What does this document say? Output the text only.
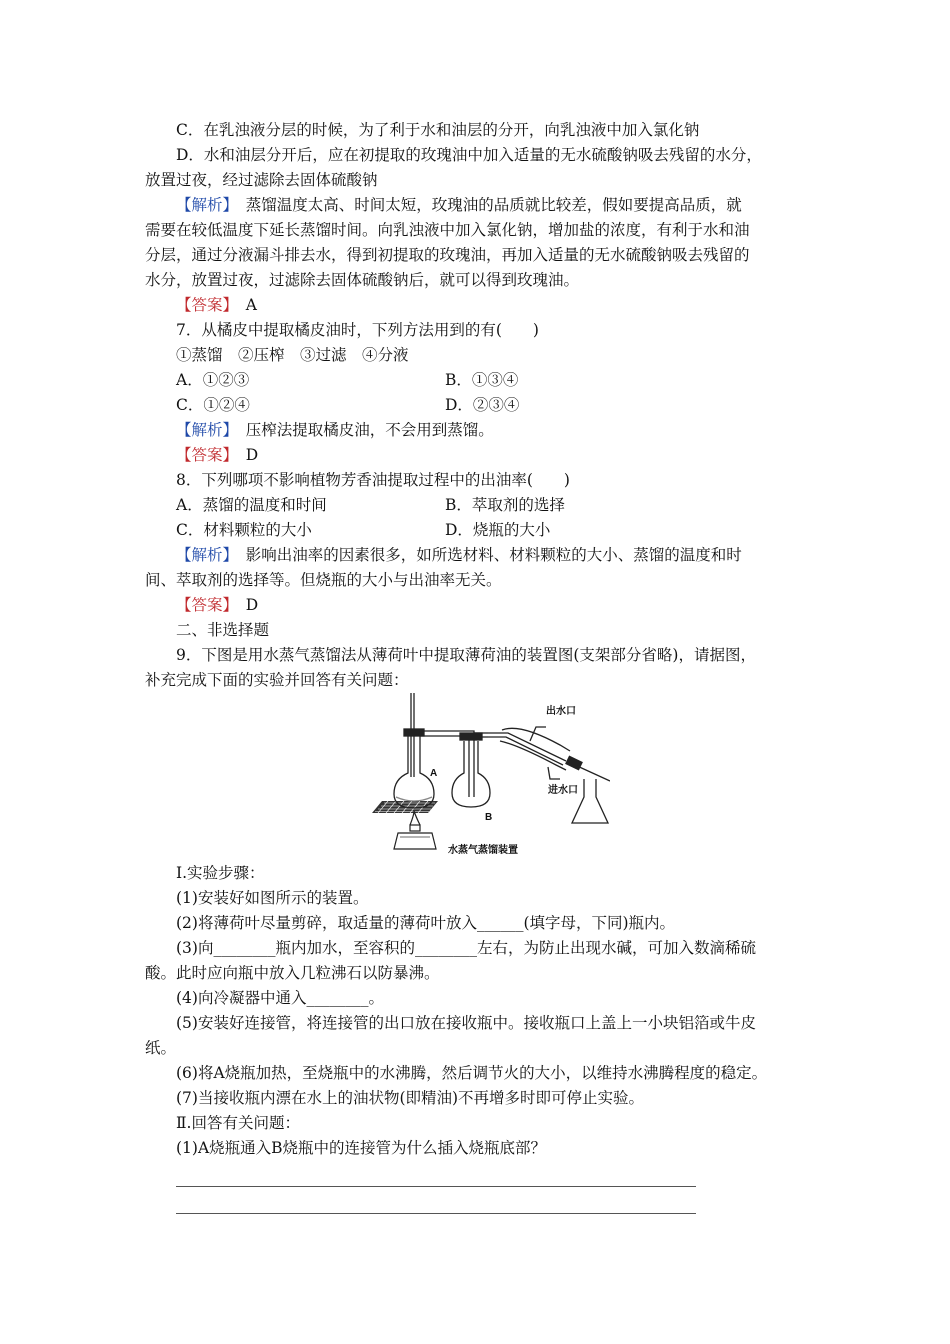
C．在乳浊液分层的时候，为了利于水和油层的分开，向乳浊液中加入氯化钠
D．水和油层分开后，应在初提取的玫瑰油中加入适量的无水硫酸钠吸去残留的水分，
放置过夜，经过滤除去固体硫酸钠
【解析】　蒸馏温度太高、时间太短，玫瑰油的品质就比较差，假如要提高品质，就
需要在较低温度下延长蒸馏时间。向乳浊液中加入氯化钠，增加盐的浓度，有利于水和油
分层，通过分液漏斗排去水，得到初提取的玫瑰油，再加入适量的无水硫酸钠吸去残留的
水分，放置过夜，过滤除去固体硫酸钠后，就可以得到玫瑰油。
【答案】　A
7．从橘皮中提取橘皮油时，下列方法用到的有(　　)
①蒸馏　②压榨　③过滤　④分液
A．①②③	B．①③④
C．①②④	D．②③④
【解析】　压榨法提取橘皮油，不会用到蒸馏。
【答案】　D
8．下列哪项不影响植物芳香油提取过程中的出油率(　　)
A．蒸馏的温度和时间	B．萃取剂的选择
C．材料颗粒的大小	D．烧瓶的大小
【解析】　影响出油率的因素很多，如所选材料、材料颗粒的大小、蒸馏的温度和时
间、萃取剂的选择等。但烧瓶的大小与出油率无关。
【答案】　D
二、非选择题
9．下图是用水蒸气蒸馏法从薄荷叶中提取薄荷油的装置图(支架部分省略)，请据图，
补充完成下面的实验并回答有关问题：
A
B
出水口
进水口
水蒸气蒸馏装置
Ⅰ.实验步骤：
(1)安装好如图所示的装置。
(2)将薄荷叶尽量剪碎，取适量的薄荷叶放入______(填字母，下同)瓶内。
(3)向________瓶内加水，至容积的________左右，为防止出现水碱，可加入数滴稀硫
酸。此时应向瓶中放入几粒沸石以防暴沸。
(4)向冷凝器中通入________。
(5)安装好连接管，将连接管的出口放在接收瓶中。接收瓶口上盖上一小块铝箔或牛皮
纸。
(6)将A烧瓶加热，至烧瓶中的水沸腾，然后调节火的大小，以维持水沸腾程度的稳定。
(7)当接收瓶内漂在水上的油状物(即精油)不再增多时即可停止实验。
Ⅱ.回答有关问题：
(1)A烧瓶通入B烧瓶中的连接管为什么插入烧瓶底部？
